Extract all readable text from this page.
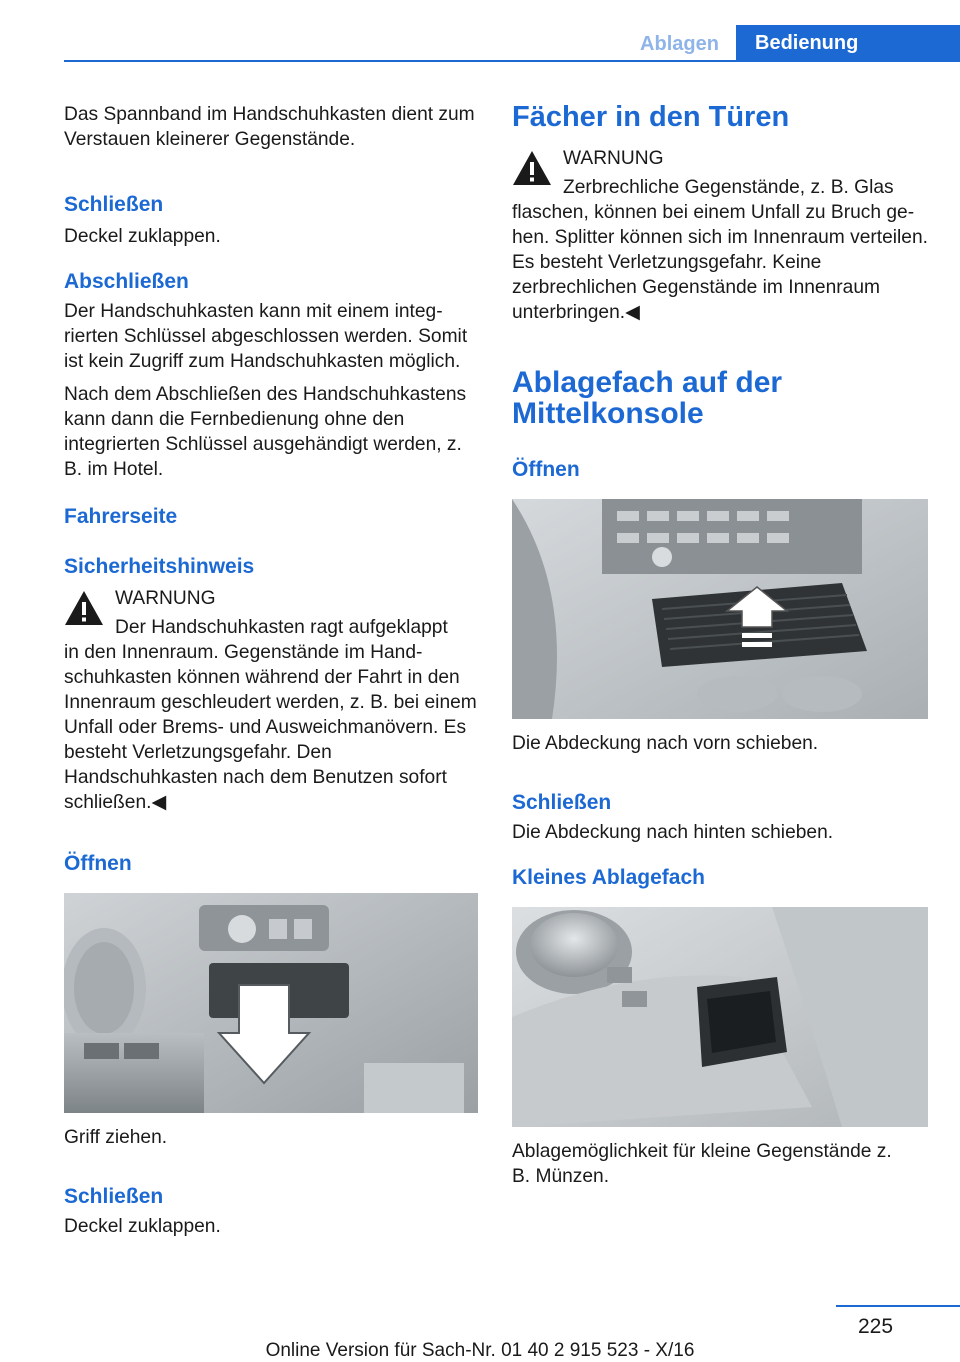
Ablagen	Bedienung

Das Spannband im Handschuhkasten dient zum Verstauen kleinerer Gegenstände.

Schließen

Deckel zuklappen.

Abschließen

Der Handschuhkasten kann mit einem integrierten Schlüssel abgeschlossen werden. Somit ist kein Zugriff zum Handschuhkasten möglich.

Nach dem Abschließen des Handschuhkastens kann dann die Fernbedienung ohne den integrierten Schlüssel ausgehändigt werden, z. B. im Hotel.

Fahrerseite
Sicherheitshinweis

WARNUNG

Der Handschuhkasten ragt aufgeklappt

in den Innenraum. Gegenstände im Handschuhkasten können während der Fahrt in den Innenraum geschleudert werden, z. B. bei einem Unfall oder Brems- und Ausweichmanövern. Es besteht Verletzungsgefahr. Den Handschuhkasten nach dem Benutzen sofort schließen.◀

Öffnen

Griff ziehen.

Schließen

Deckel zuklappen.

Fächer in den Türen

WARNUNG

Zerbrechliche Gegenstände, z. B. Glas

flaschen, können bei einem Unfall zu Bruch gehen. Splitter können sich im Innenraum verteilen. Es besteht Verletzungsgefahr. Keine zerbrechlichen Gegenstände im Innenraum unterbringen.◀

Ablagefach auf der Mittelkonsole
Öffnen

Die Abdeckung nach vorn schieben.

Schließen

Die Abdeckung nach hinten schieben.

Kleines Ablagefach

Ablagemöglichkeit für kleine Gegenstände z. B. Münzen.

225
Online Version für Sach-Nr. 01 40 2 915 523 - X/16
